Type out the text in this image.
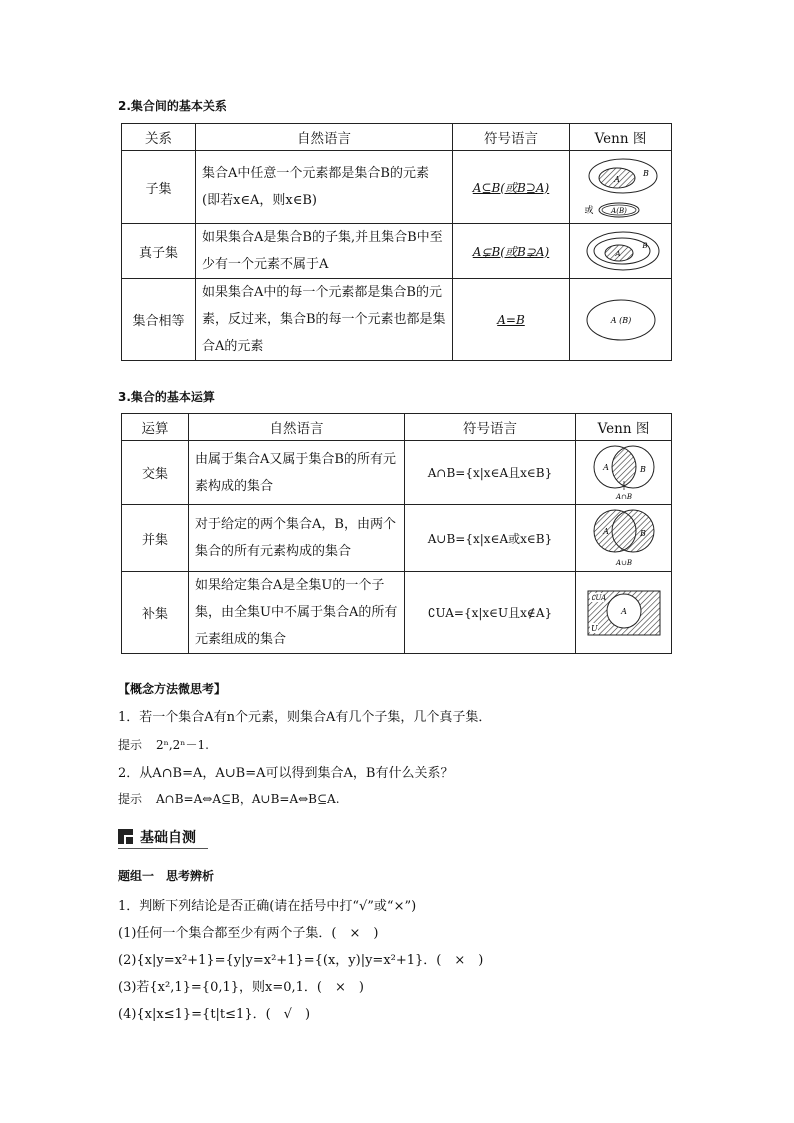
2.集合间的基本关系
关系	自然语言	符号语言	Venn 图
子集	集合A中任意一个元素都是集合B的元素(即若x∈A，则x∈B)	A⊆B(或B⊇A)	A
B
或 A(B)

真子集	如果集合A是集合B的子集,并且集合B中至少有一个元素不属于A	A⊊B(或B⊋A)	A
B

集合相等	如果集合A中的每一个元素都是集合B的元素，反过来，集合B的每一个元素也都是集合A的元素	A=B	A (B)
3.集合的基本运算
运算	自然语言	符号语言	Venn 图
交集	由属于集合A又属于集合B的所有元素构成的集合	A∩B={x|x∈A且x∈B}	A B
A∩B

并集	对于给定的两个集合A，B，由两个集合的所有元素构成的集合	A∪B={x|x∈A或x∈B}	A B
A∪B

补集	如果给定集合A是全集U的一个子集，由全集U中不属于集合A的所有元素组成的集合	∁UA={x|x∈U且x∉A}	A
∁UA
U
【概念方法微思考】
1．若一个集合A有n个元素，则集合A有几个子集，几个真子集．
提示 2ⁿ,2ⁿ－1.
2．从A∩B=A，A∪B=A可以得到集合A，B有什么关系？
提示 A∩B=A⇔A⊆B，A∪B=A⇔B⊆A.
基础自测
题组一　思考辨析
1．判断下列结论是否正确(请在括号中打“√”或“×”)
(1)任何一个集合都至少有两个子集．(　×　)
(2){x|y=x²+1}={y|y=x²+1}={(x，y)|y=x²+1}．(　×　)
(3)若{x²,1}={0,1}，则x=0,1．(　×　)
(4){x|x≤1}={t|t≤1}．(　√　)
